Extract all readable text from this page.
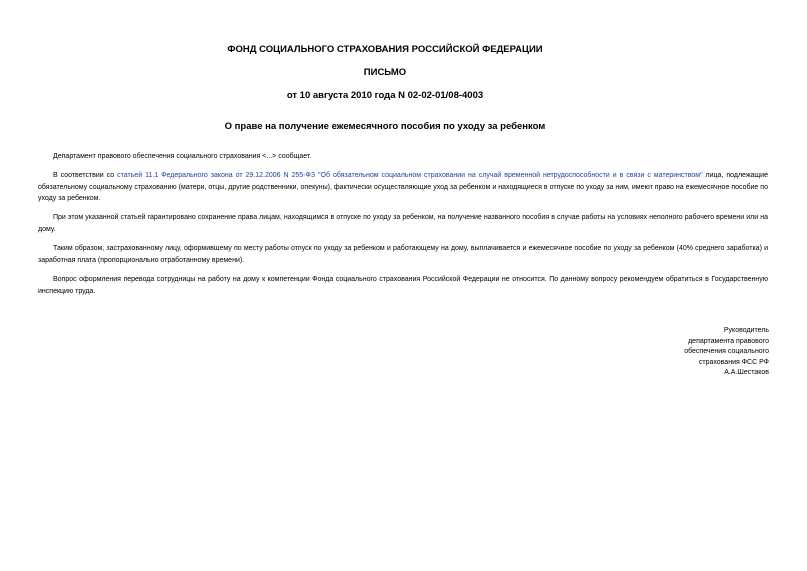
ФОНД СОЦИАЛЬНОГО СТРАХОВАНИЯ РОССИЙСКОЙ ФЕДЕРАЦИИ
ПИСЬМО
от 10 августа 2010 года N 02-02-01/08-4003
О праве на получение ежемесячного пособия по уходу за ребенком
Департамент правового обеспечения социального страхования <...> сообщает.
В соответствии со статьей 11.1 Федерального закона от 29.12.2006 N 255-ФЗ "Об обязательном социальном страховании на случай временной нетрудоспособности и в связи с материнством" лица, подлежащие обязательному социальному страхованию (матери, отцы, другие родственники, опекуны), фактически осуществляющие уход за ребенком и находящиеся в отпуске по уходу за ним, имеют право на ежемесячное пособие по уходу за ребенком.
При этом указанной статьей гарантировано сохранение права лицам, находящимся в отпуске по уходу за ребенком, на получение названного пособия в случае работы на условиях неполного рабочего времени или на дому.
Таким образом, застрахованному лицу, оформившему по месту работы отпуск по уходу за ребенком и работающему на дому, выплачивается и ежемесячное пособие по уходу за ребенком (40% среднего заработка) и заработная плата (пропорционально отработанному времени).
Вопрос оформления перевода сотрудницы на работу на дому к компетенции Фонда социального страхования Российской Федерации не относится. По данному вопросу рекомендуем обратиться в Государственную инспекцию труда.
Руководитель
департамента правового
обеспечения социального
страхования ФСС РФ
А.А.Шестаков
